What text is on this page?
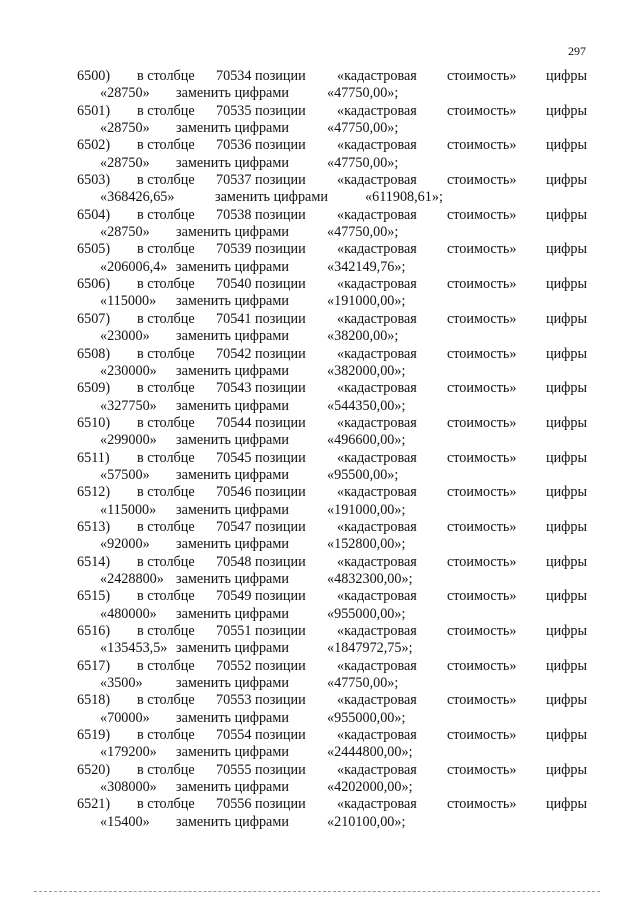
297
6500) в столбце 70534 позиции «кадастровая стоимость» цифры
«28750» заменить цифрами	«47750,00»;
6501) в столбце 70535 позиции «кадастровая стоимость» цифры
«28750» заменить цифрами	«47750,00»;
6502) в столбце 70536 позиции «кадастровая стоимость» цифры
«28750» заменить цифрами	«47750,00»;
6503) в столбце 70537 позиции «кадастровая стоимость» цифры
«368426,65»	заменить цифрами	«611908,61»;
6504) в столбце 70538 позиции «кадастровая стоимость» цифры
«28750» заменить цифрами	«47750,00»;
6505) в столбце 70539 позиции «кадастровая стоимость» цифры
«206006,4» заменить цифрами	«342149,76»;
6506) в столбце 70540 позиции «кадастровая стоимость» цифры
«115000» заменить цифрами	«191000,00»;
6507) в столбце 70541 позиции «кадастровая стоимость» цифры
«23000» заменить цифрами	«38200,00»;
6508) в столбце 70542 позиции «кадастровая стоимость» цифры
«230000» заменить цифрами	«382000,00»;
6509) в столбце 70543 позиции «кадастровая стоимость» цифры
«327750» заменить цифрами	«544350,00»;
6510) в столбце 70544 позиции «кадастровая стоимость» цифры
«299000» заменить цифрами	«496600,00»;
6511) в столбце 70545 позиции «кадастровая стоимость» цифры
«57500» заменить цифрами	«95500,00»;
6512) в столбце 70546 позиции «кадастровая стоимость» цифры
«115000» заменить цифрами	«191000,00»;
6513) в столбце 70547 позиции «кадастровая стоимость» цифры
«92000» заменить цифрами	«152800,00»;
6514) в столбце 70548 позиции «кадастровая стоимость» цифры
«2428800» заменить цифрами	«4832300,00»;
6515) в столбце 70549 позиции «кадастровая стоимость» цифры
«480000» заменить цифрами	«955000,00»;
6516) в столбце 70551 позиции «кадастровая стоимость» цифры
«135453,5» заменить цифрами	«1847972,75»;
6517) в столбце 70552 позиции «кадастровая стоимость» цифры
«3500» заменить цифрами	«47750,00»;
6518) в столбце 70553 позиции «кадастровая стоимость» цифры
«70000» заменить цифрами	«955000,00»;
6519) в столбце 70554 позиции «кадастровая стоимость» цифры
«179200» заменить цифрами	«2444800,00»;
6520) в столбце 70555 позиции «кадастровая стоимость» цифры
«308000» заменить цифрами	«4202000,00»;
6521) в столбце 70556 позиции «кадастровая стоимость» цифры
«15400» заменить цифрами	«210100,00»;
